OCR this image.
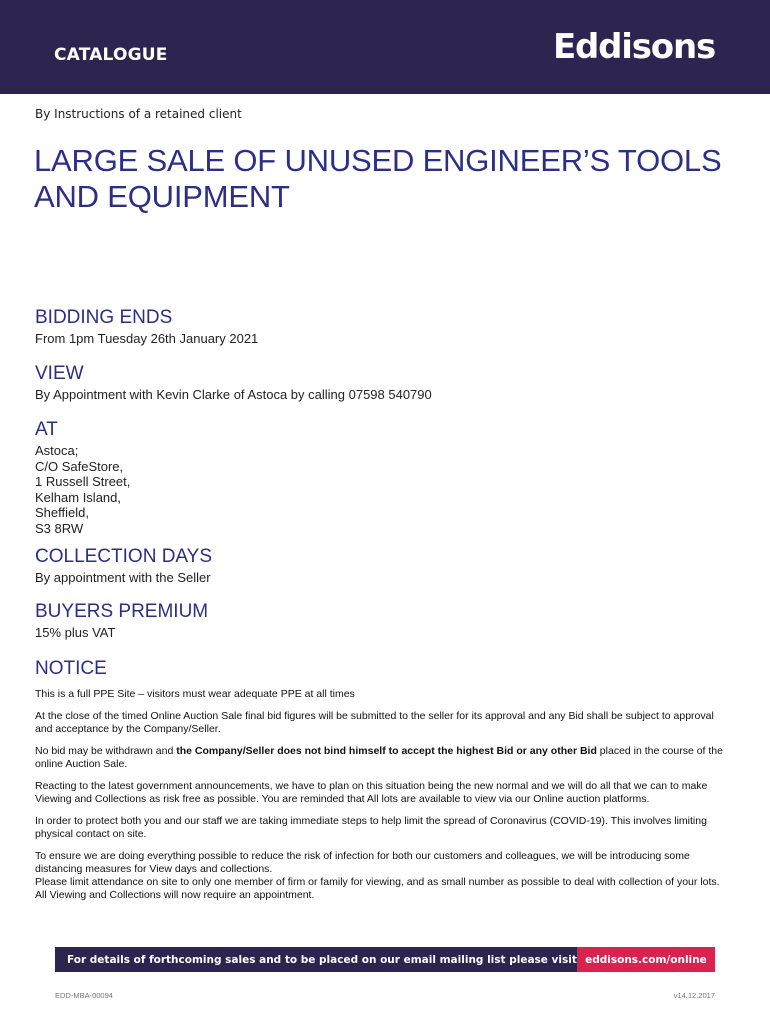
CATALOGUE	Eddisons
By Instructions of a retained client
LARGE SALE OF UNUSED ENGINEER’S TOOLS AND EQUIPMENT
BIDDING ENDS
From 1pm Tuesday 26th January 2021
VIEW
By Appointment with Kevin Clarke of Astoca by calling 07598 540790
AT
Astoca;
C/O SafeStore,
1 Russell Street,
Kelham Island,
Sheffield,
S3 8RW
COLLECTION DAYS
By appointment with the Seller
BUYERS PREMIUM
15% plus VAT
NOTICE

This is a full PPE Site – visitors must wear adequate PPE at all times

At the close of the timed Online Auction Sale final bid figures will be submitted to the seller for its approval and any Bid shall be subject to approval and acceptance by the Company/Seller.

No bid may be withdrawn and the Company/Seller does not bind himself to accept the highest Bid or any other Bid placed in the course of the online Auction Sale.

Reacting to the latest government announcements, we have to plan on this situation being the new normal and we will do all that we can to make Viewing and Collections as risk free as possible. You are reminded that All lots are available to view via our Online auction platforms.

In order to protect both you and our staff we are taking immediate steps to help limit the spread of Coronavirus (COVID-19). This involves limiting physical contact on site.

To ensure we are doing everything possible to reduce the risk of infection for both our customers and colleagues, we will be introducing some distancing measures for View days and collections.
Please limit attendance on site to only one member of firm or family for viewing, and as small number as possible to deal with collection of your lots. All Viewing and Collections will now require an appointment.

For details of forthcoming sales and to be placed on our email mailing list please visit eddisons.com/online
EDD-MBA-00094	v14.12.2017
